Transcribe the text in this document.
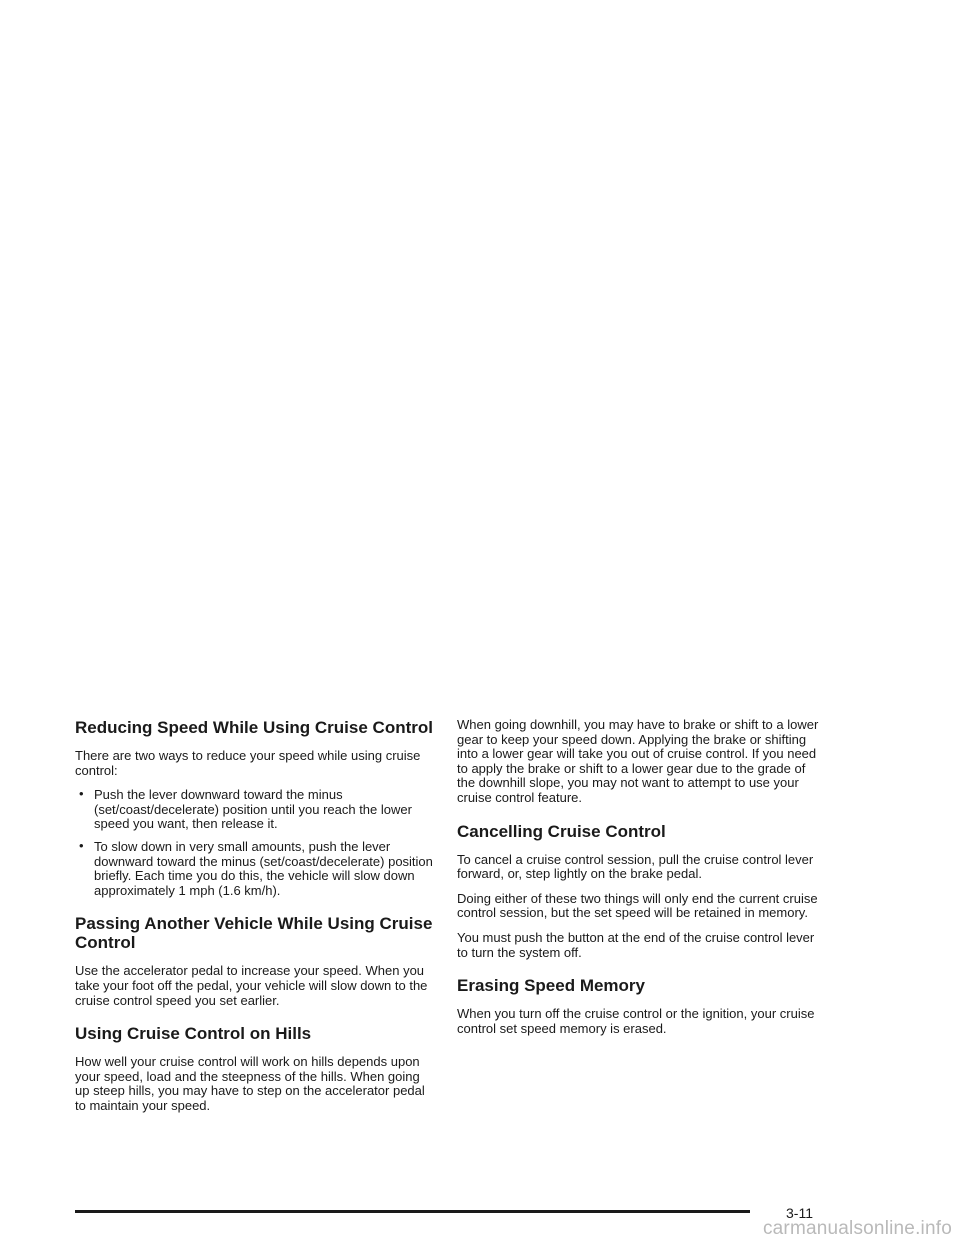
Reducing Speed While Using Cruise Control

There are two ways to reduce your speed while using cruise control:

• Push the lever downward toward the minus (set/coast/decelerate) position until you reach the lower speed you want, then release it.
• To slow down in very small amounts, push the lever downward toward the minus (set/coast/decelerate) position briefly. Each time you do this, the vehicle will slow down approximately 1 mph (1.6 km/h).
Passing Another Vehicle While Using Cruise Control

Use the accelerator pedal to increase your speed. When you take your foot off the pedal, your vehicle will slow down to the cruise control speed you set earlier.

Using Cruise Control on Hills

How well your cruise control will work on hills depends upon your speed, load and the steepness of the hills. When going up steep hills, you may have to step on the accelerator pedal to maintain your speed.

When going downhill, you may have to brake or shift to a lower gear to keep your speed down. Applying the brake or shifting into a lower gear will take you out of cruise control. If you need to apply the brake or shift to a lower gear due to the grade of the downhill slope, you may not want to attempt to use your cruise control feature.

Cancelling Cruise Control

To cancel a cruise control session, pull the cruise control lever forward, or, step lightly on the brake pedal.

Doing either of these two things will only end the current cruise control session, but the set speed will be retained in memory.

You must push the button at the end of the cruise control lever to turn the system off.

Erasing Speed Memory

When you turn off the cruise control or the ignition, your cruise control set speed memory is erased.

3-11
carmanualsonline.info
